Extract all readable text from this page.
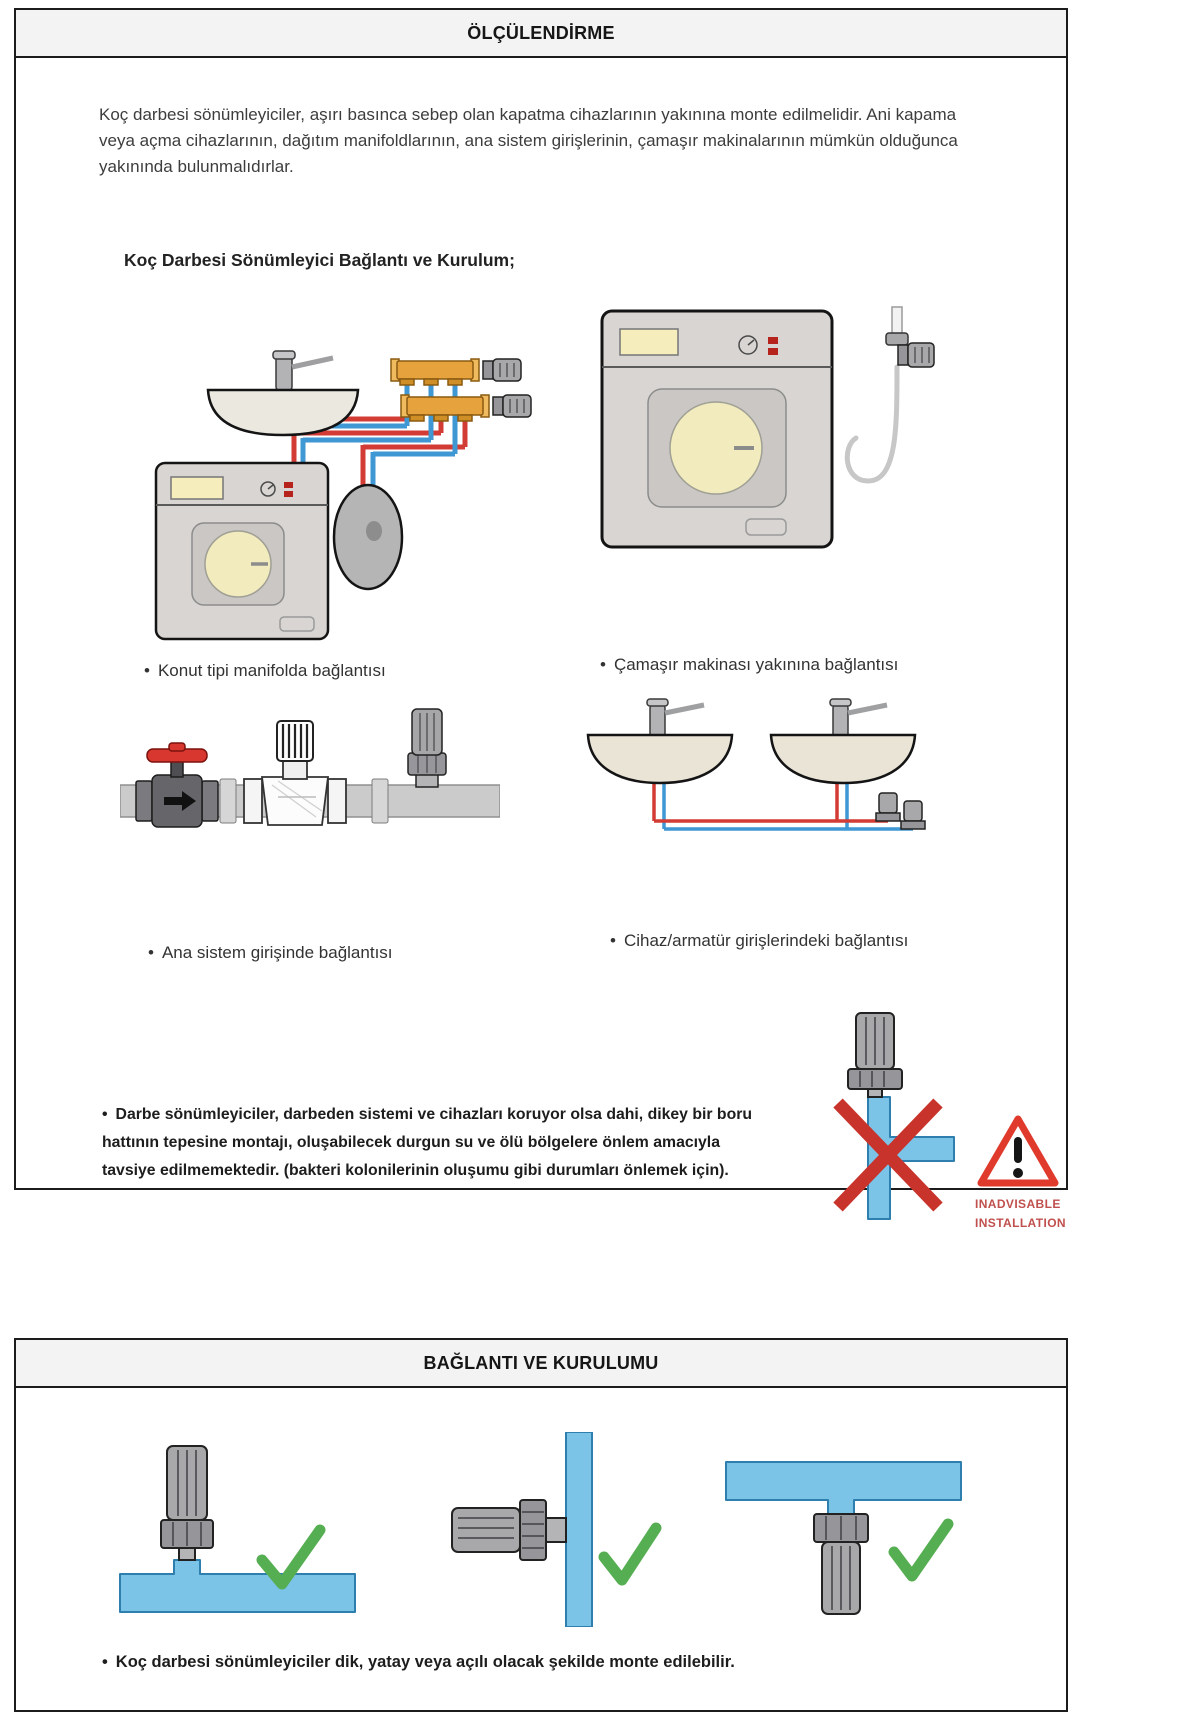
ÖLÇÜLENDİRME

Koç darbesi sönümleyiciler, aşırı basınca sebep olan kapatma cihazlarının yakınına monte edilmelidir. Ani kapama veya açma cihazlarının, dağıtım manifoldlarının, ana sistem girişlerinin, çamaşır makinalarının mümkün olduğunca yakınında bulunmalıdırlar.

Koç Darbesi Sönümleyici Bağlantı ve Kurulum;
• Konut tipi manifolda bağlantısı	• Çamaşır makinası yakınına bağlantısı
• Ana sistem girişinde bağlantısı
• Cihaz/armatür girişlerindeki bağlantısı

• Darbe sönümleyiciler, darbeden sistemi ve cihazları koruyor olsa dahi, dikey bir boru hattının tepesine montajı, oluşabilecek durgun su ve ölü bölgelere önlem amacıyla tavsiye edilmemektedir. (bakteri kolonilerinin oluşumu gibi durumları önlemek için).

INADVISABLE
INSTALLATION
BAĞLANTI VE KURULUMU

• Koç darbesi sönümleyiciler dik, yatay veya açılı olacak şekilde monte edilebilir.
